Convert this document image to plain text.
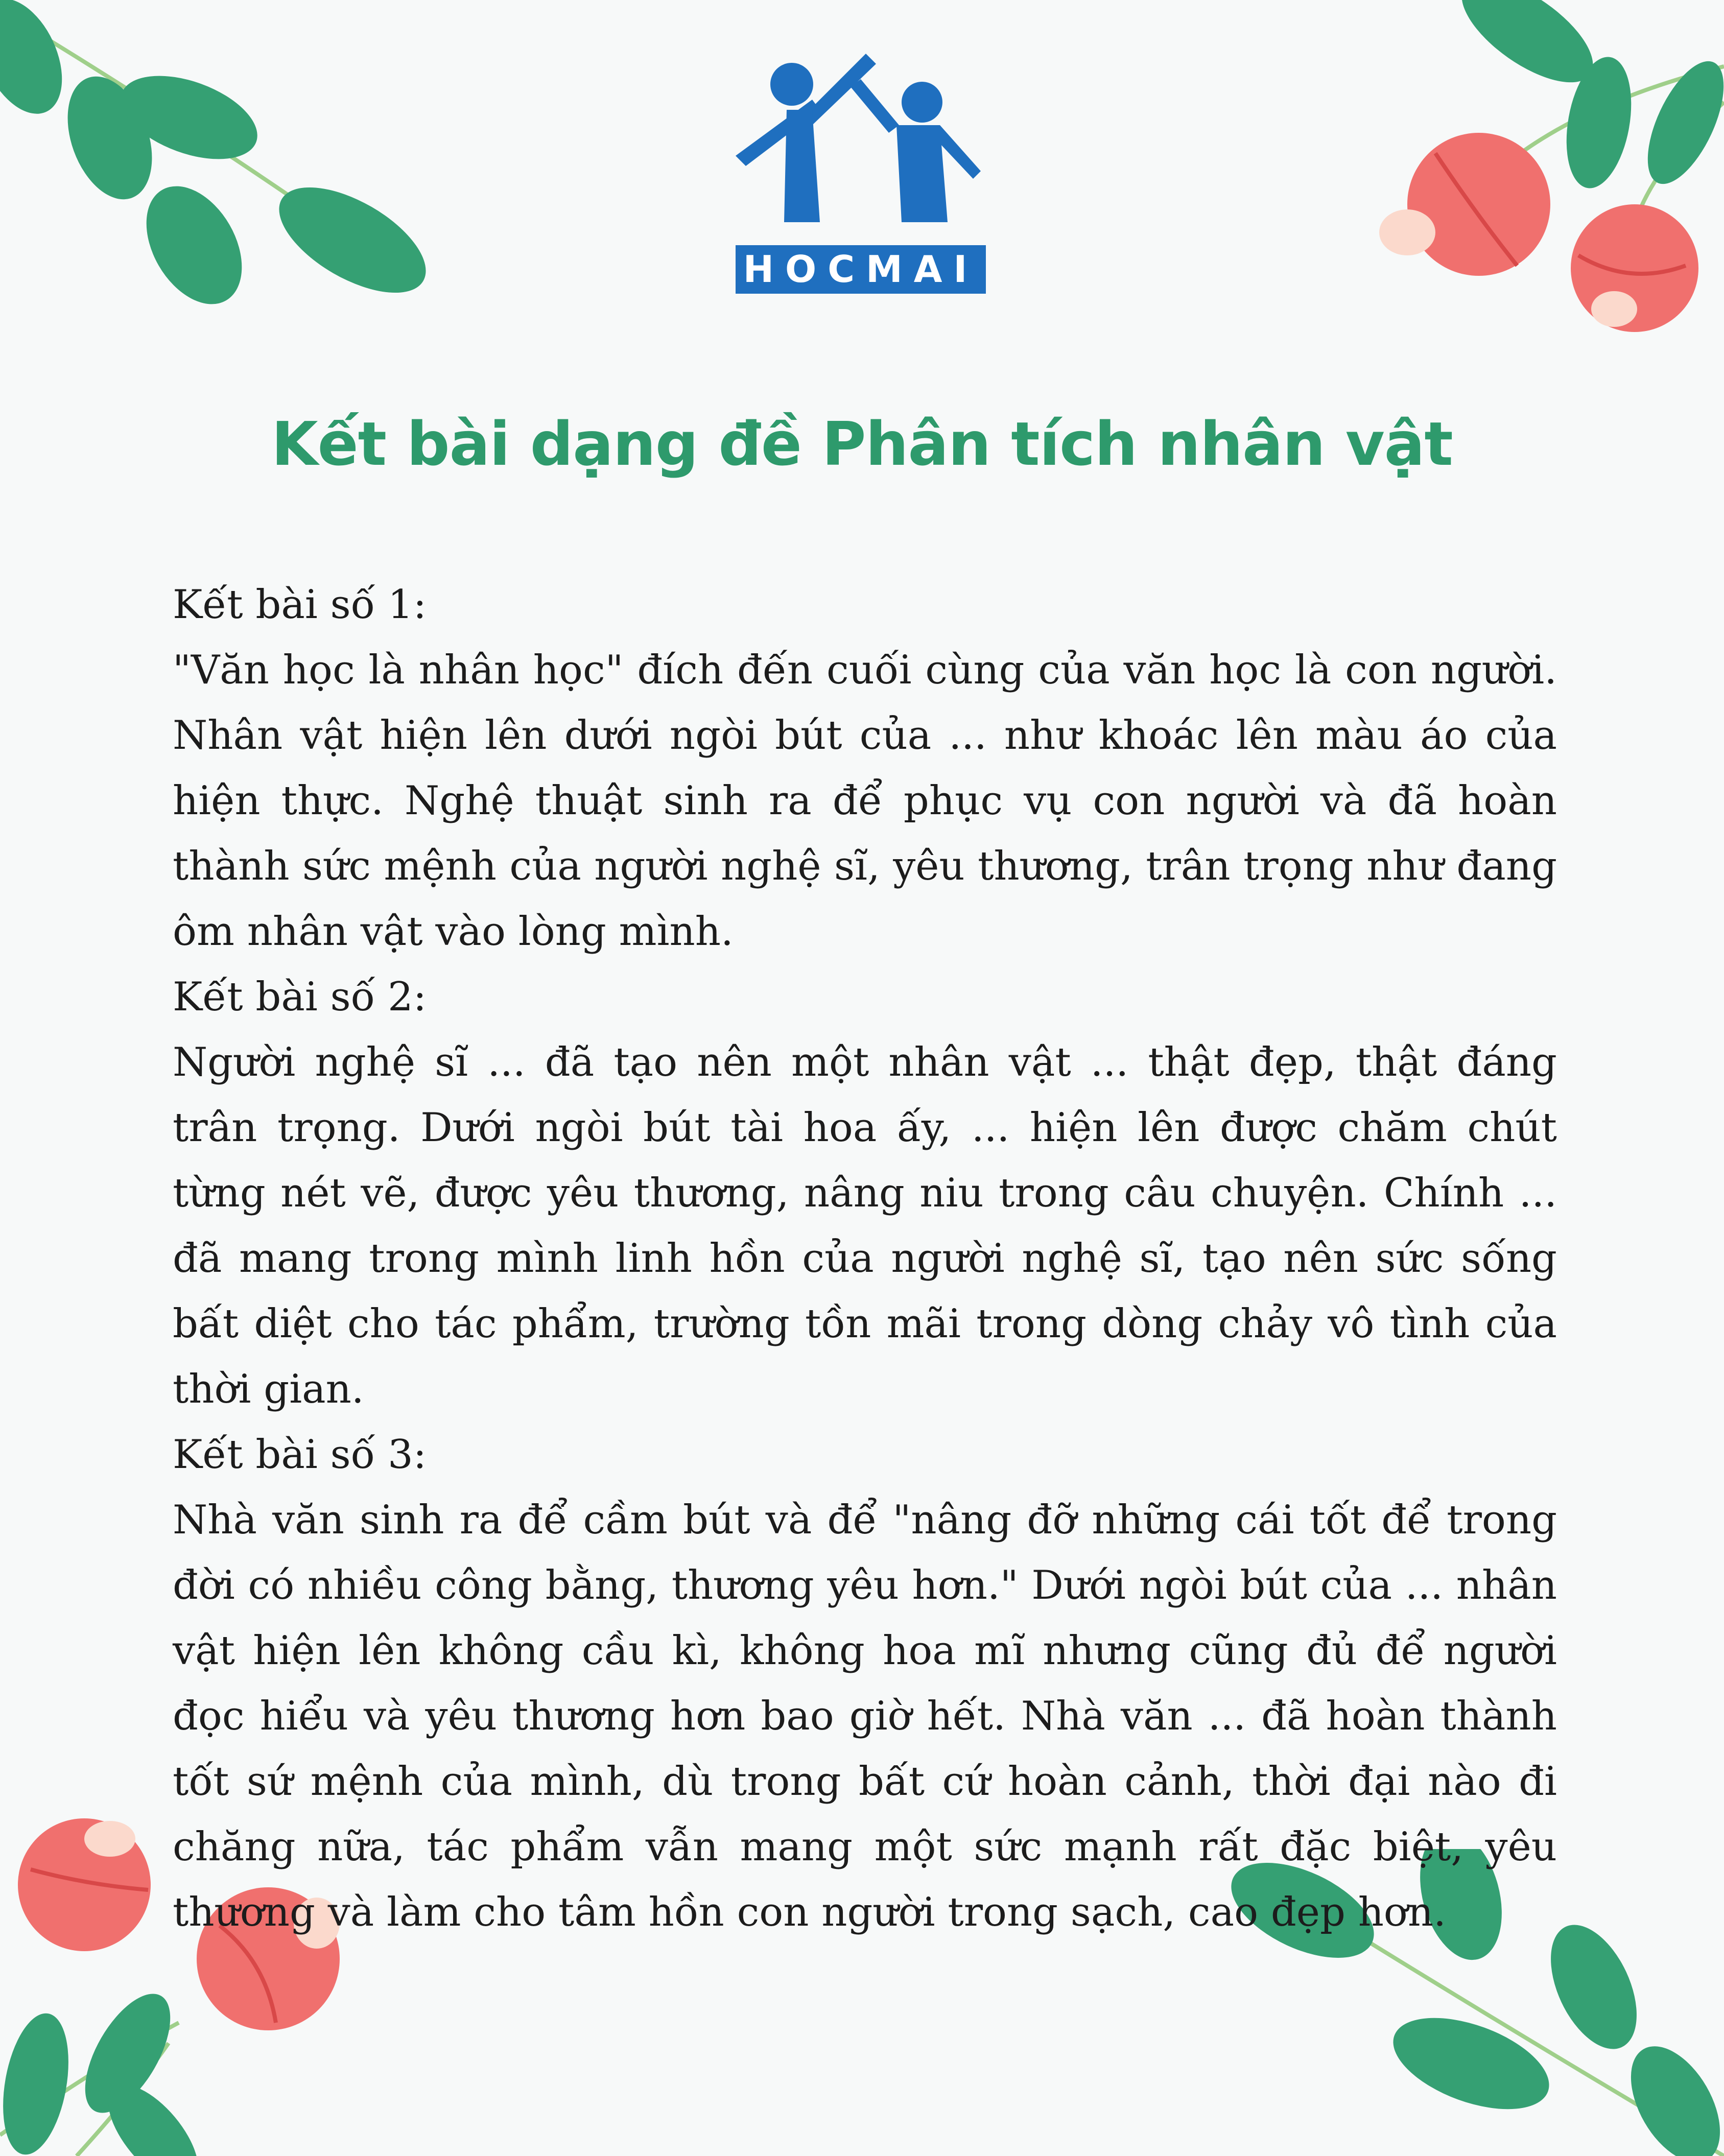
HOCMAI
Kết bài dạng đề Phân tích nhân vật
Kết bài số 1:

"Văn học là nhân học" đích đến cuối cùng của văn học là con người. Nhân vật hiện lên dưới ngòi bút của ... như khoác lên màu áo của hiện thực. Nghệ thuật sinh ra để phục vụ con người và đã hoàn thành sức mệnh của người nghệ sĩ, yêu thương, trân trọng như đang ôm nhân vật vào lòng mình.

Kết bài số 2:

Người nghệ sĩ ... đã tạo nên một nhân vật ... thật đẹp, thật đáng trân trọng. Dưới ngòi bút tài hoa ấy, ... hiện lên được chăm chút từng nét vẽ, được yêu thương, nâng niu trong câu chuyện. Chính ... đã mang trong mình linh hồn của người nghệ sĩ, tạo nên sức sống bất diệt cho tác phẩm, trường tồn mãi trong dòng chảy vô tình của thời gian.

Kết bài số 3:

Nhà văn sinh ra để cầm bút và để "nâng đỡ những cái tốt để trong đời có nhiều công bằng, thương yêu hơn." Dưới ngòi bút của ... nhân vật hiện lên không cầu kì, không hoa mĩ nhưng cũng đủ để người đọc hiểu và yêu thương hơn bao giờ hết. Nhà văn ... đã hoàn thành tốt sứ mệnh của mình, dù trong bất cứ hoàn cảnh, thời đại nào đi chăng nữa, tác phẩm vẫn mang một sức mạnh rất đặc biệt, yêu thương và làm cho tâm hồn con người trong sạch, cao đẹp hơn.
